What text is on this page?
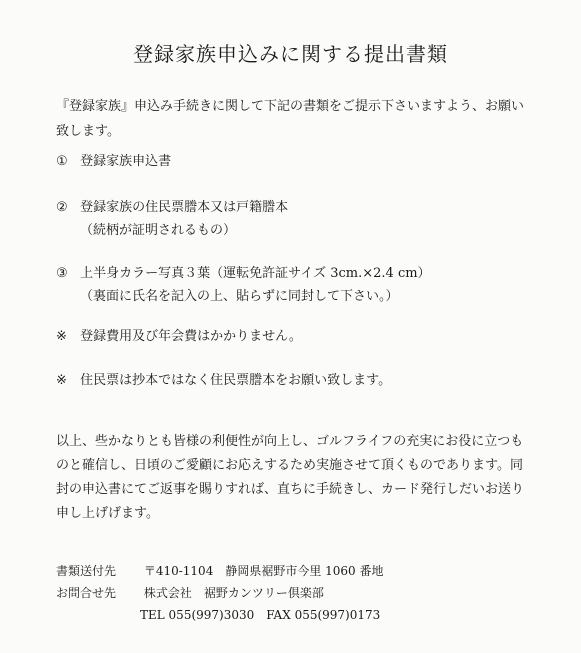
登録家族申込みに関する提出書類
『登録家族』申込み手続きに関して下記の書類をご提示下さいますよう、お願い致します。
① 登録家族申込書
② 登録家族の住民票謄本又は戸籍謄本
（続柄が証明されるもの）
③ 上半身カラー写真３葉（運転免許証サイズ 3cm.×2.4 cm）
（裏面に氏名を記入の上、貼らずに同封して下さい。）
※ 登録費用及び年会費はかかりません。
※ 住民票は抄本ではなく住民票謄本をお願い致します。
以上、些かなりとも皆様の利便性が向上し、ゴルフライフの充実にお役に立つものと確信し、日頃のご愛顧にお応えするため実施させて頂くものであります。同封の申込書にてご返事を賜りすれば、直ちに手続きし、カード発行しだいお送り申し上げげます。
書類送付先 〒410-1104　静岡県裾野市今里 1060 番地
お問合せ先 株式会社　裾野カンツリー倶楽部
TEL 055(997)3030　FAX 055(997)0173
